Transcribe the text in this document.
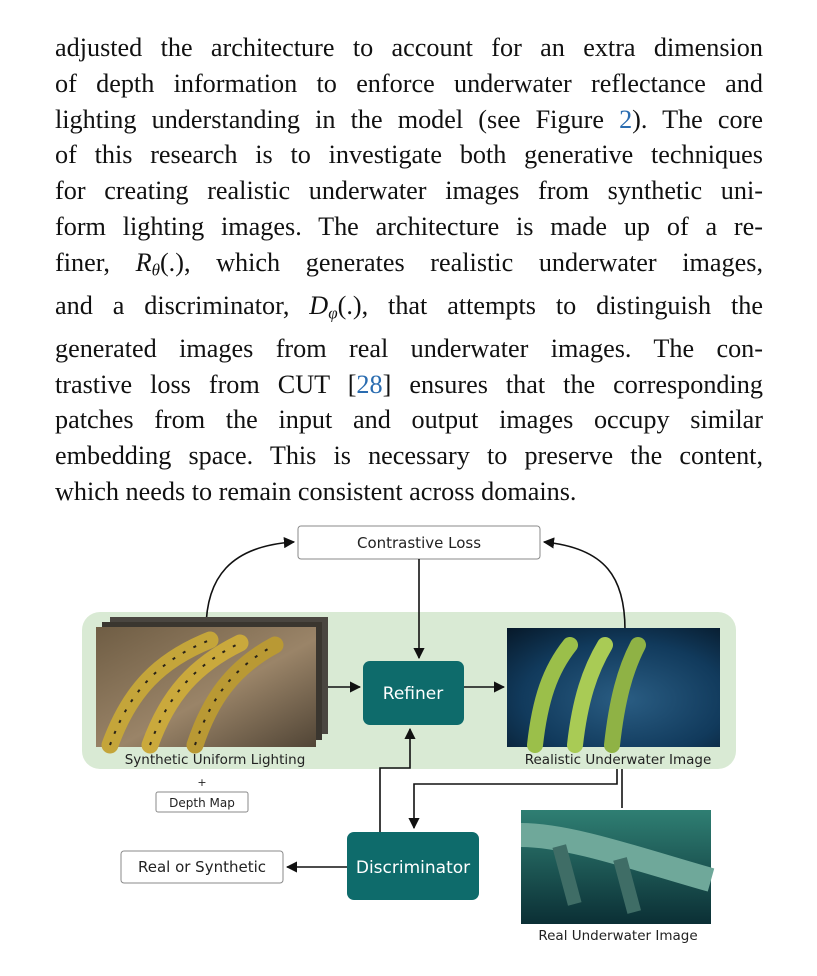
adjusted the architecture to account for an extra dimension
of depth information to enforce underwater reflectance and
lighting understanding in the model (see Figure 2). The core
of this research is to investigate both generative techniques
for creating realistic underwater images from synthetic uni-
form lighting images. The architecture is made up of a re-
finer, $R_\theta(.)$, which generates realistic underwater images,
and a discriminator, $D_\varphi(.)$, that attempts to distinguish the
generated images from real underwater images. The con-
trastive loss from CUT [28] ensures that the corresponding
patches from the input and output images occupy similar
embedding space. This is necessary to preserve the content,
which needs to remain consistent across domains.
Contrastive Loss
Synthetic Uniform Lighting
+
Depth Map
Refiner
Realistic Underwater Image
Discriminator
Real or Synthetic
Real Underwater Image
